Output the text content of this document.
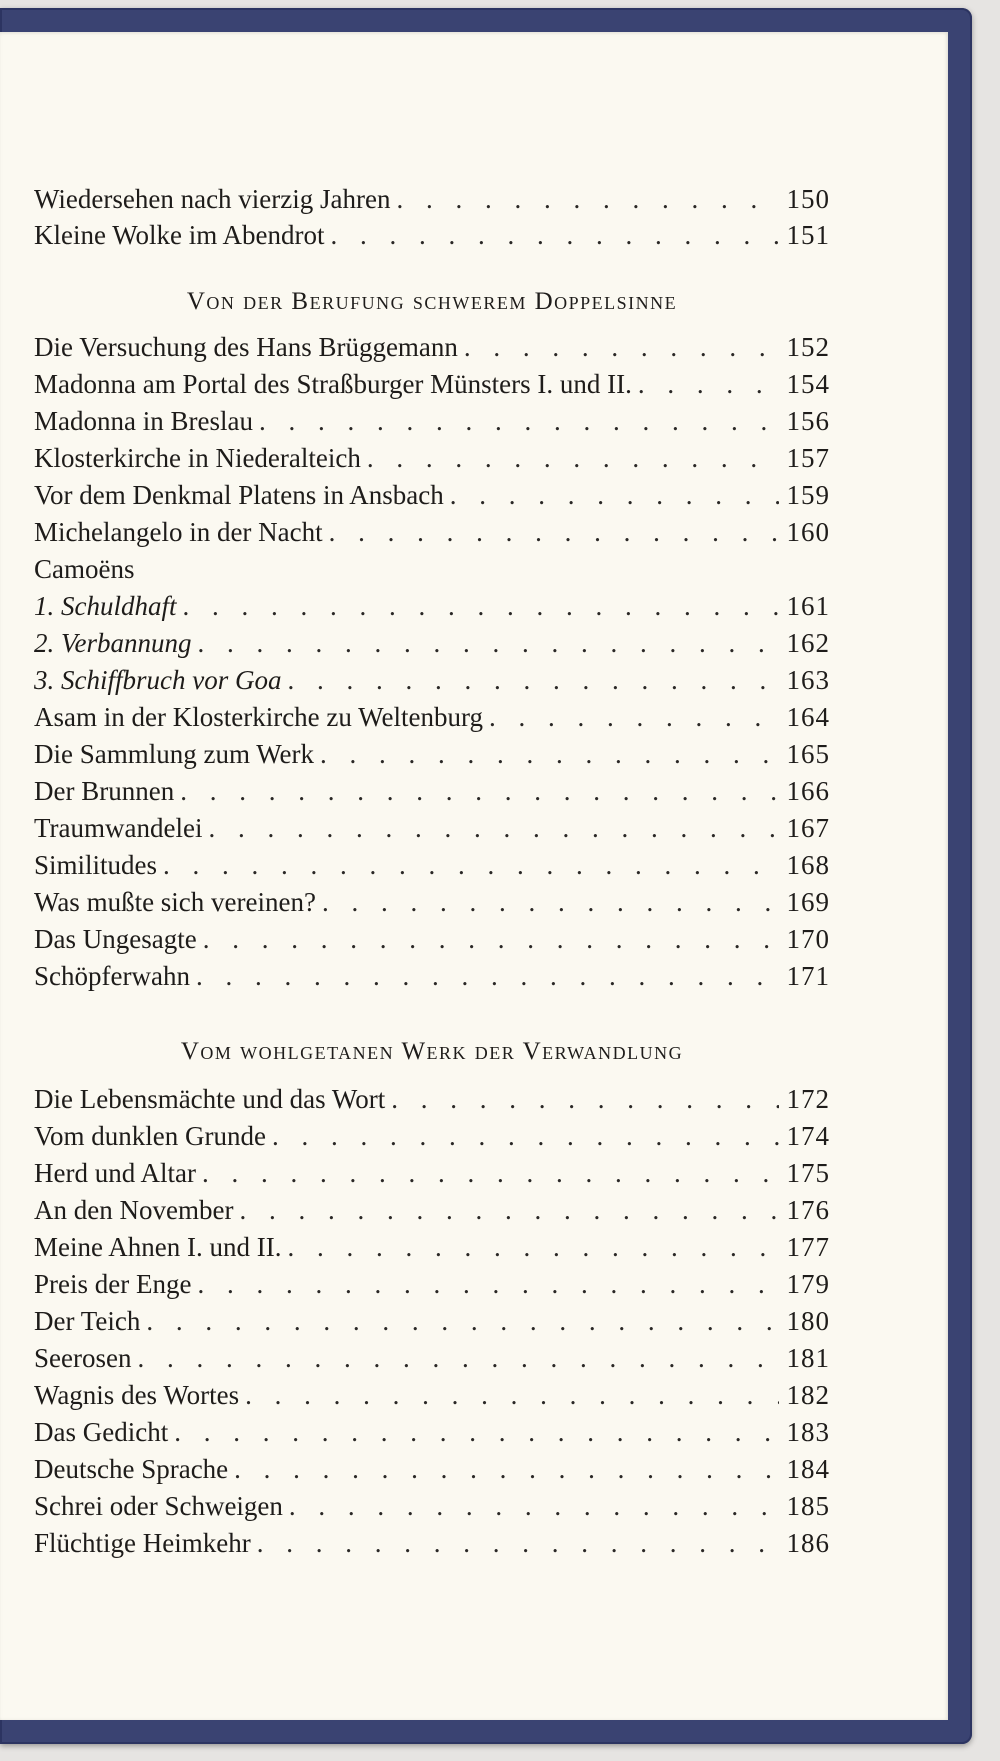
Wiedersehen nach vierzig Jahren . . .	150
Kleine Wolke im Abendrot . . .	151
Von der Berufung schwerem Doppelsinne
Die Versuchung des Hans Brüggemann . . .	152
Madonna am Portal des Straßburger Münsters I. und II. . . .	154
Madonna in Breslau . . .	156
Klosterkirche in Niederalteich . . .	157
Vor dem Denkmal Platens in Ansbach . . .	159
Michelangelo in der Nacht . . .	160
Camoëns
1. Schuldhaft . . .	161
2. Verbannung . . .	162
3. Schiffbruch vor Goa . . .	163
Asam in der Klosterkirche zu Weltenburg . . .	164
Die Sammlung zum Werk . . .	165
Der Brunnen . . .	166
Traumwandelei . . .	167
Similitudes . . .	168
Was mußte sich vereinen? . . .	169
Das Ungesagte . . .	170
Schöpferwahn . . .	171
Vom wohlgetanen Werk der Verwandlung
Die Lebensmächte und das Wort . . .	172
Vom dunklen Grunde . . .	174
Herd und Altar . . .	175
An den November . . .	176
Meine Ahnen I. und II. . . .	177
Preis der Enge . . .	179
Der Teich . . .	180
Seerosen . . .	181
Wagnis des Wortes . . .	182
Das Gedicht . . .	183
Deutsche Sprache . . .	184
Schrei oder Schweigen . . .	185
Flüchtige Heimkehr . . .	186
